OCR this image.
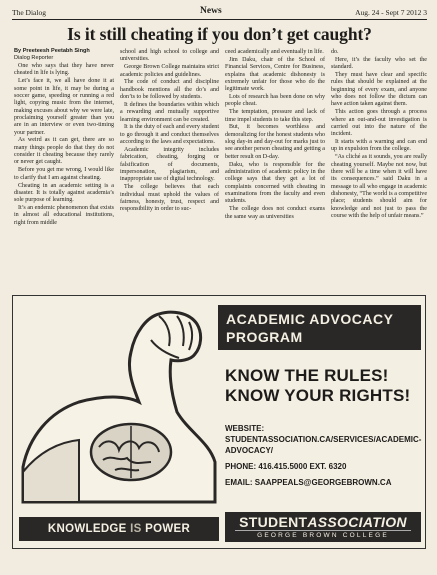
The Dialog	News	Aug. 24 - Sept 7 2012 3
Is it still cheating if you don’t get caught?
By Preeteesh Peetabh Singh
Dialog Reporter

One who says that they have never cheated in life is lying.

Let’s face it, we all have done it at some point in life, it may be during a soccer game, speeding or running a red light, copying music from the internet, making excuses about why we were late, proclaiming yourself greater than you are in an interview or even two-timing your partner.

As weird as it can get, there are so many things people do that they do not consider it cheating because they rarely or never get caught.

Before you get me wrong, I would like to clarify that I am against cheating.

Cheating in an academic setting is a disaster. It is totally against academia’s sole purpose of learning.

It’s an endemic phenomenon that exists in almost all educational institutions, right from middle

school and high school to college and universities.

George Brown College maintains strict academic policies and guidelines.

The code of conduct and discipline handbook mentions all the do’s and don’ts to be followed by students.

It defines the boundaries within which a rewarding and mutually supportive learning environment can be created.

It is the duty of each and every student to go through it and conduct themselves according to the laws and expectations.

Academic integrity includes fabrication, cheating, forging or falsification of documents, impersonation, plagiarism, and inappropriate use of digital technology.

The college believes that each individual must uphold the values of fairness, honesty, trust, respect and responsibility in order to suc-

ceed academically and eventually in life.

Jim Daku, chair of the School of Financial Services, Centre for Business, explains that academic dishonesty is extremely unfair for those who do the legitimate work.

Lots of research has been done on why people cheat.

The temptation, pressure and lack of time impel students to take this step.

But, it becomes worthless and demoralizing for the honest students who slog day-in and day-out for marks just to see another person cheating and getting a better result on D-day.

Daku, who is responsible for the administration of academic policy in the college says that they get a lot of complaints concerned with cheating in examinations from the faculty and even students.

The college does not conduct exams the same way as universities

do.

Here, it’s the faculty who set the standard.

They must have clear and specific rules that should be explained at the beginning of every exam, and anyone who does not follow the dictum can have action taken against them.

This action goes through a process where an out-and-out investigation is carried out into the nature of the incident.

It starts with a warning and can end up in expulsion from the college.

“As cliché as it sounds, you are really cheating yourself. Maybe not now, but there will be a time when it will have its consequences.” said Daku in a message to all who engage in academic dishonesty, “The world is a competitive place; students should aim for knowledge and not just to pass the course with the help of unfair means.”

KNOWLEDGE IS POWER
ACADEMIC ADVOCACY PROGRAM
KNOW THE RULES!
KNOW YOUR RIGHTS!
WEBSITE: STUDENTASSOCIATION.CA/SERVICES/ACADEMIC-ADVOCACY/
PHONE: 416.415.5000 EXT. 6320
EMAIL: SAAPPEALS@GEORGEBROWN.CA
STUDENTASSOCIATION
GEORGE BROWN COLLEGE
